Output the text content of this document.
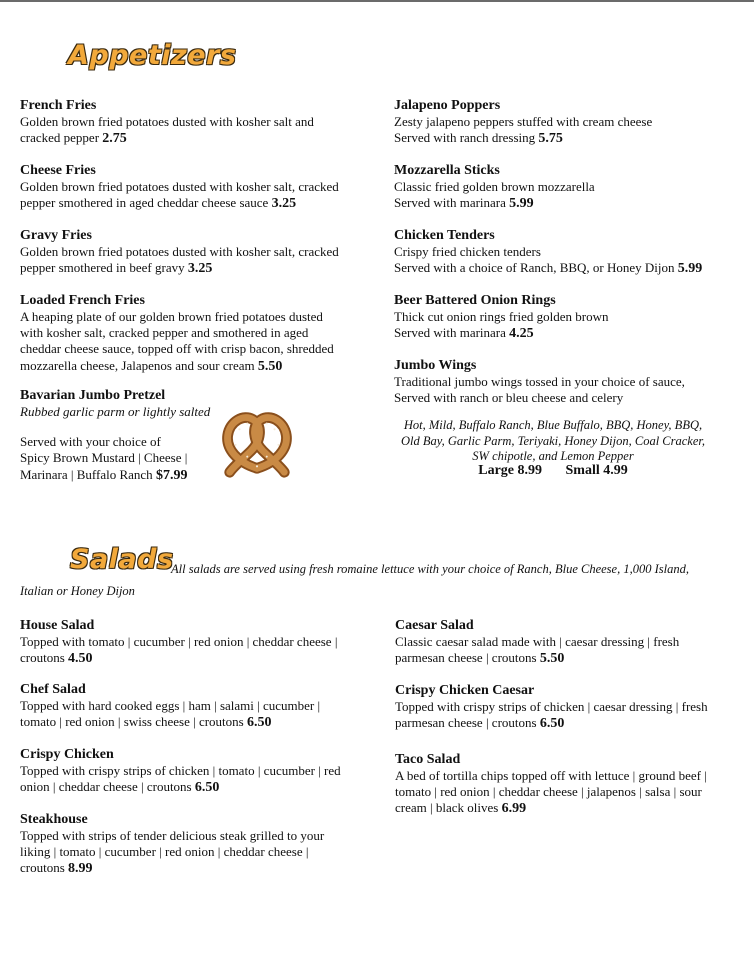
Appetizers
French Fries
Golden brown fried potatoes dusted with kosher salt and cracked pepper 2.75
Cheese Fries
Golden brown fried potatoes dusted with kosher salt, cracked pepper smothered in aged cheddar cheese sauce 3.25
Gravy Fries
Golden brown fried potatoes dusted with kosher salt, cracked pepper smothered in beef gravy 3.25
Loaded French Fries
A heaping plate of our golden brown fried potatoes dusted with kosher salt, cracked pepper and smothered in aged cheddar cheese sauce, topped off with crisp bacon, shredded mozzarella cheese, Jalapenos and sour cream 5.50
Bavarian Jumbo Pretzel
Rubbed garlic parm or lightly salted
Served with your choice of
Spicy Brown Mustard | Cheese |
Marinara | Buffalo Ranch $7.99
Jalapeno Poppers
Zesty jalapeno peppers stuffed with cream cheese
Served with ranch dressing 5.75
Mozzarella Sticks
Classic fried golden brown mozzarella
Served with marinara 5.99
Chicken Tenders
Crispy fried chicken tenders
Served with a choice of Ranch, BBQ, or Honey Dijon 5.99
Beer Battered Onion Rings
Thick cut onion rings fried golden brown
Served with marinara 4.25
Jumbo Wings
Traditional jumbo wings tossed in your choice of sauce,
Served with ranch or bleu cheese and celery
Hot, Mild, Buffalo Ranch, Blue Buffalo, BBQ, Honey, BBQ,
Old Bay, Garlic Parm, Teriyaki, Honey Dijon, Coal Cracker,
SW chipotle, and Lemon Pepper
Large 8.99 Small 4.99
Salads
All salads are served using fresh romaine lettuce with your choice of Ranch, Blue Cheese, 1,000 Island,
Italian or Honey Dijon
House Salad
Topped with tomato | cucumber | red onion | cheddar cheese | croutons 4.50
Chef Salad
Topped with hard cooked eggs | ham | salami | cucumber | tomato | red onion | swiss cheese | croutons 6.50
Crispy Chicken
Topped with crispy strips of chicken | tomato | cucumber | red onion | cheddar cheese | croutons 6.50
Steakhouse
Topped with strips of tender delicious steak grilled to your liking | tomato | cucumber | red onion | cheddar cheese | croutons 8.99
Caesar Salad
Classic caesar salad made with | caesar dressing | fresh parmesan cheese | croutons 5.50
Crispy Chicken Caesar
Topped with crispy strips of chicken | caesar dressing | fresh parmesan cheese | croutons 6.50
Taco Salad
A bed of tortilla chips topped off with lettuce | ground beef | tomato | red onion | cheddar cheese | jalapenos | salsa | sour cream | black olives 6.99
